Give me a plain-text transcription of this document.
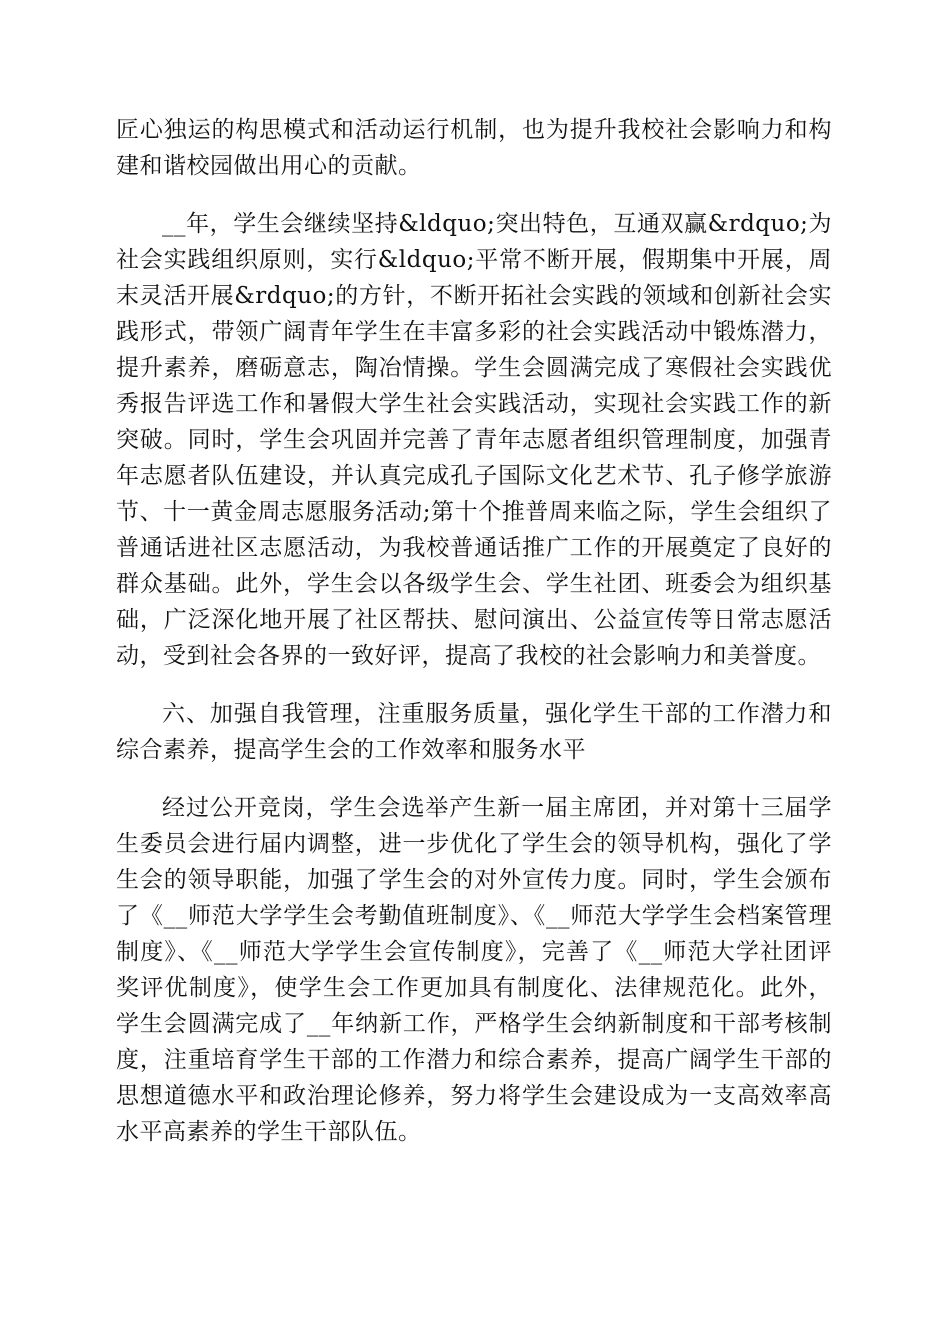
匠心独运的构思模式和活动运行机制，也为提升我校社会影响力和构建和谐校园做出用心的贡献。

__年，学生会继续坚持&ldquo;突出特色，互通双赢&rdquo;为社会实践组织原则，实行&ldquo;平常不断开展，假期集中开展，周末灵活开展&rdquo;的方针，不断开拓社会实践的领域和创新社会实践形式，带领广阔青年学生在丰富多彩的社会实践活动中锻炼潜力，提升素养，磨砺意志，陶冶情操。学生会圆满完成了寒假社会实践优秀报告评选工作和暑假大学生社会实践活动，实现社会实践工作的新突破。同时，学生会巩固并完善了青年志愿者组织管理制度，加强青年志愿者队伍建设，并认真完成孔子国际文化艺术节、孔子修学旅游节、十一黄金周志愿服务活动;第十个推普周来临之际，学生会组织了普通话进社区志愿活动，为我校普通话推广工作的开展奠定了良好的群众基础。此外，学生会以各级学生会、学生社团、班委会为组织基础，广泛深化地开展了社区帮扶、慰问演出、公益宣传等日常志愿活动，受到社会各界的一致好评，提高了我校的社会影响力和美誉度。

六、加强自我管理，注重服务质量，强化学生干部的工作潜力和综合素养，提高学生会的工作效率和服务水平

经过公开竞岗，学生会选举产生新一届主席团，并对第十三届学生委员会进行届内调整，进一步优化了学生会的领导机构，强化了学生会的领导职能，加强了学生会的对外宣传力度。同时，学生会颁布了《__师范大学学生会考勤值班制度》、《__师范大学学生会档案管理制度》、《__师范大学学生会宣传制度》，完善了《__师范大学社团评奖评优制度》，使学生会工作更加具有制度化、法律规范化。此外，学生会圆满完成了__年纳新工作，严格学生会纳新制度和干部考核制度，注重培育学生干部的工作潜力和综合素养，提高广阔学生干部的思想道德水平和政治理论修养，努力将学生会建设成为一支高效率高水平高素养的学生干部队伍。
